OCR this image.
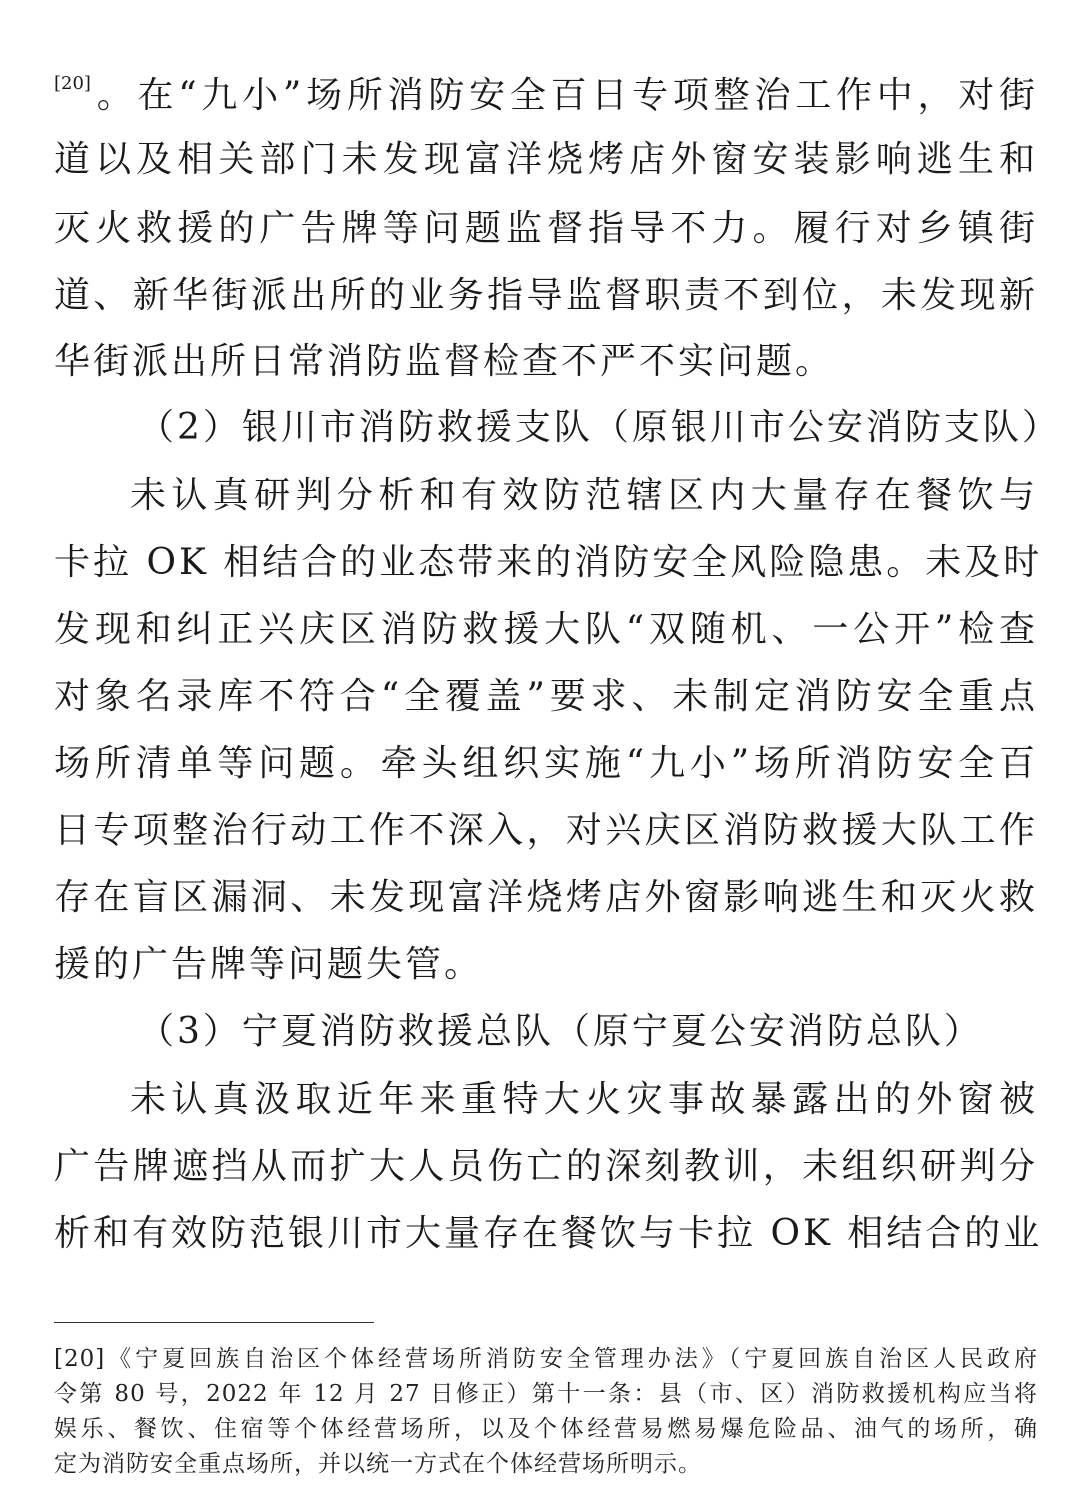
[20] 。在“九小”场所消防安全百日专项整治工作中，对街
道以及相关部门未发现富洋烧烤店外窗安装影响逃生和
灭火救援的广告牌等问题监督指导不力。履行对乡镇街
道、新华街派出所的业务指导监督职责不到位，未发现新
华街派出所日常消防监督检查不严不实问题。
（2）银川市消防救援支队（原银川市公安消防支队）
未认真研判分析和有效防范辖区内大量存在餐饮与
卡拉 OK 相结合的业态带来的消防安全风险隐患。未及时
发现和纠正兴庆区消防救援大队“双随机、一公开”检查
对象名录库不符合“全覆盖”要求、未制定消防安全重点
场所清单等问题。牵头组织实施“九小”场所消防安全百
日专项整治行动工作不深入，对兴庆区消防救援大队工作
存在盲区漏洞、未发现富洋烧烤店外窗影响逃生和灭火救
援的广告牌等问题失管。
（3）宁夏消防救援总队（原宁夏公安消防总队）
未认真汲取近年来重特大火灾事故暴露出的外窗被
广告牌遮挡从而扩大人员伤亡的深刻教训，未组织研判分
析和有效防范银川市大量存在餐饮与卡拉 OK 相结合的业
[20]《宁夏回族自治区个体经营场所消防安全管理办法》（宁夏回族自治区人民政府
令第 80 号，2022 年 12 月 27 日修正）第十一条：县（市、区）消防救援机构应当将
娱乐、餐饮、住宿等个体经营场所，以及个体经营易燃易爆危险品、油气的场所，确
定为消防安全重点场所，并以统一方式在个体经营场所明示。
